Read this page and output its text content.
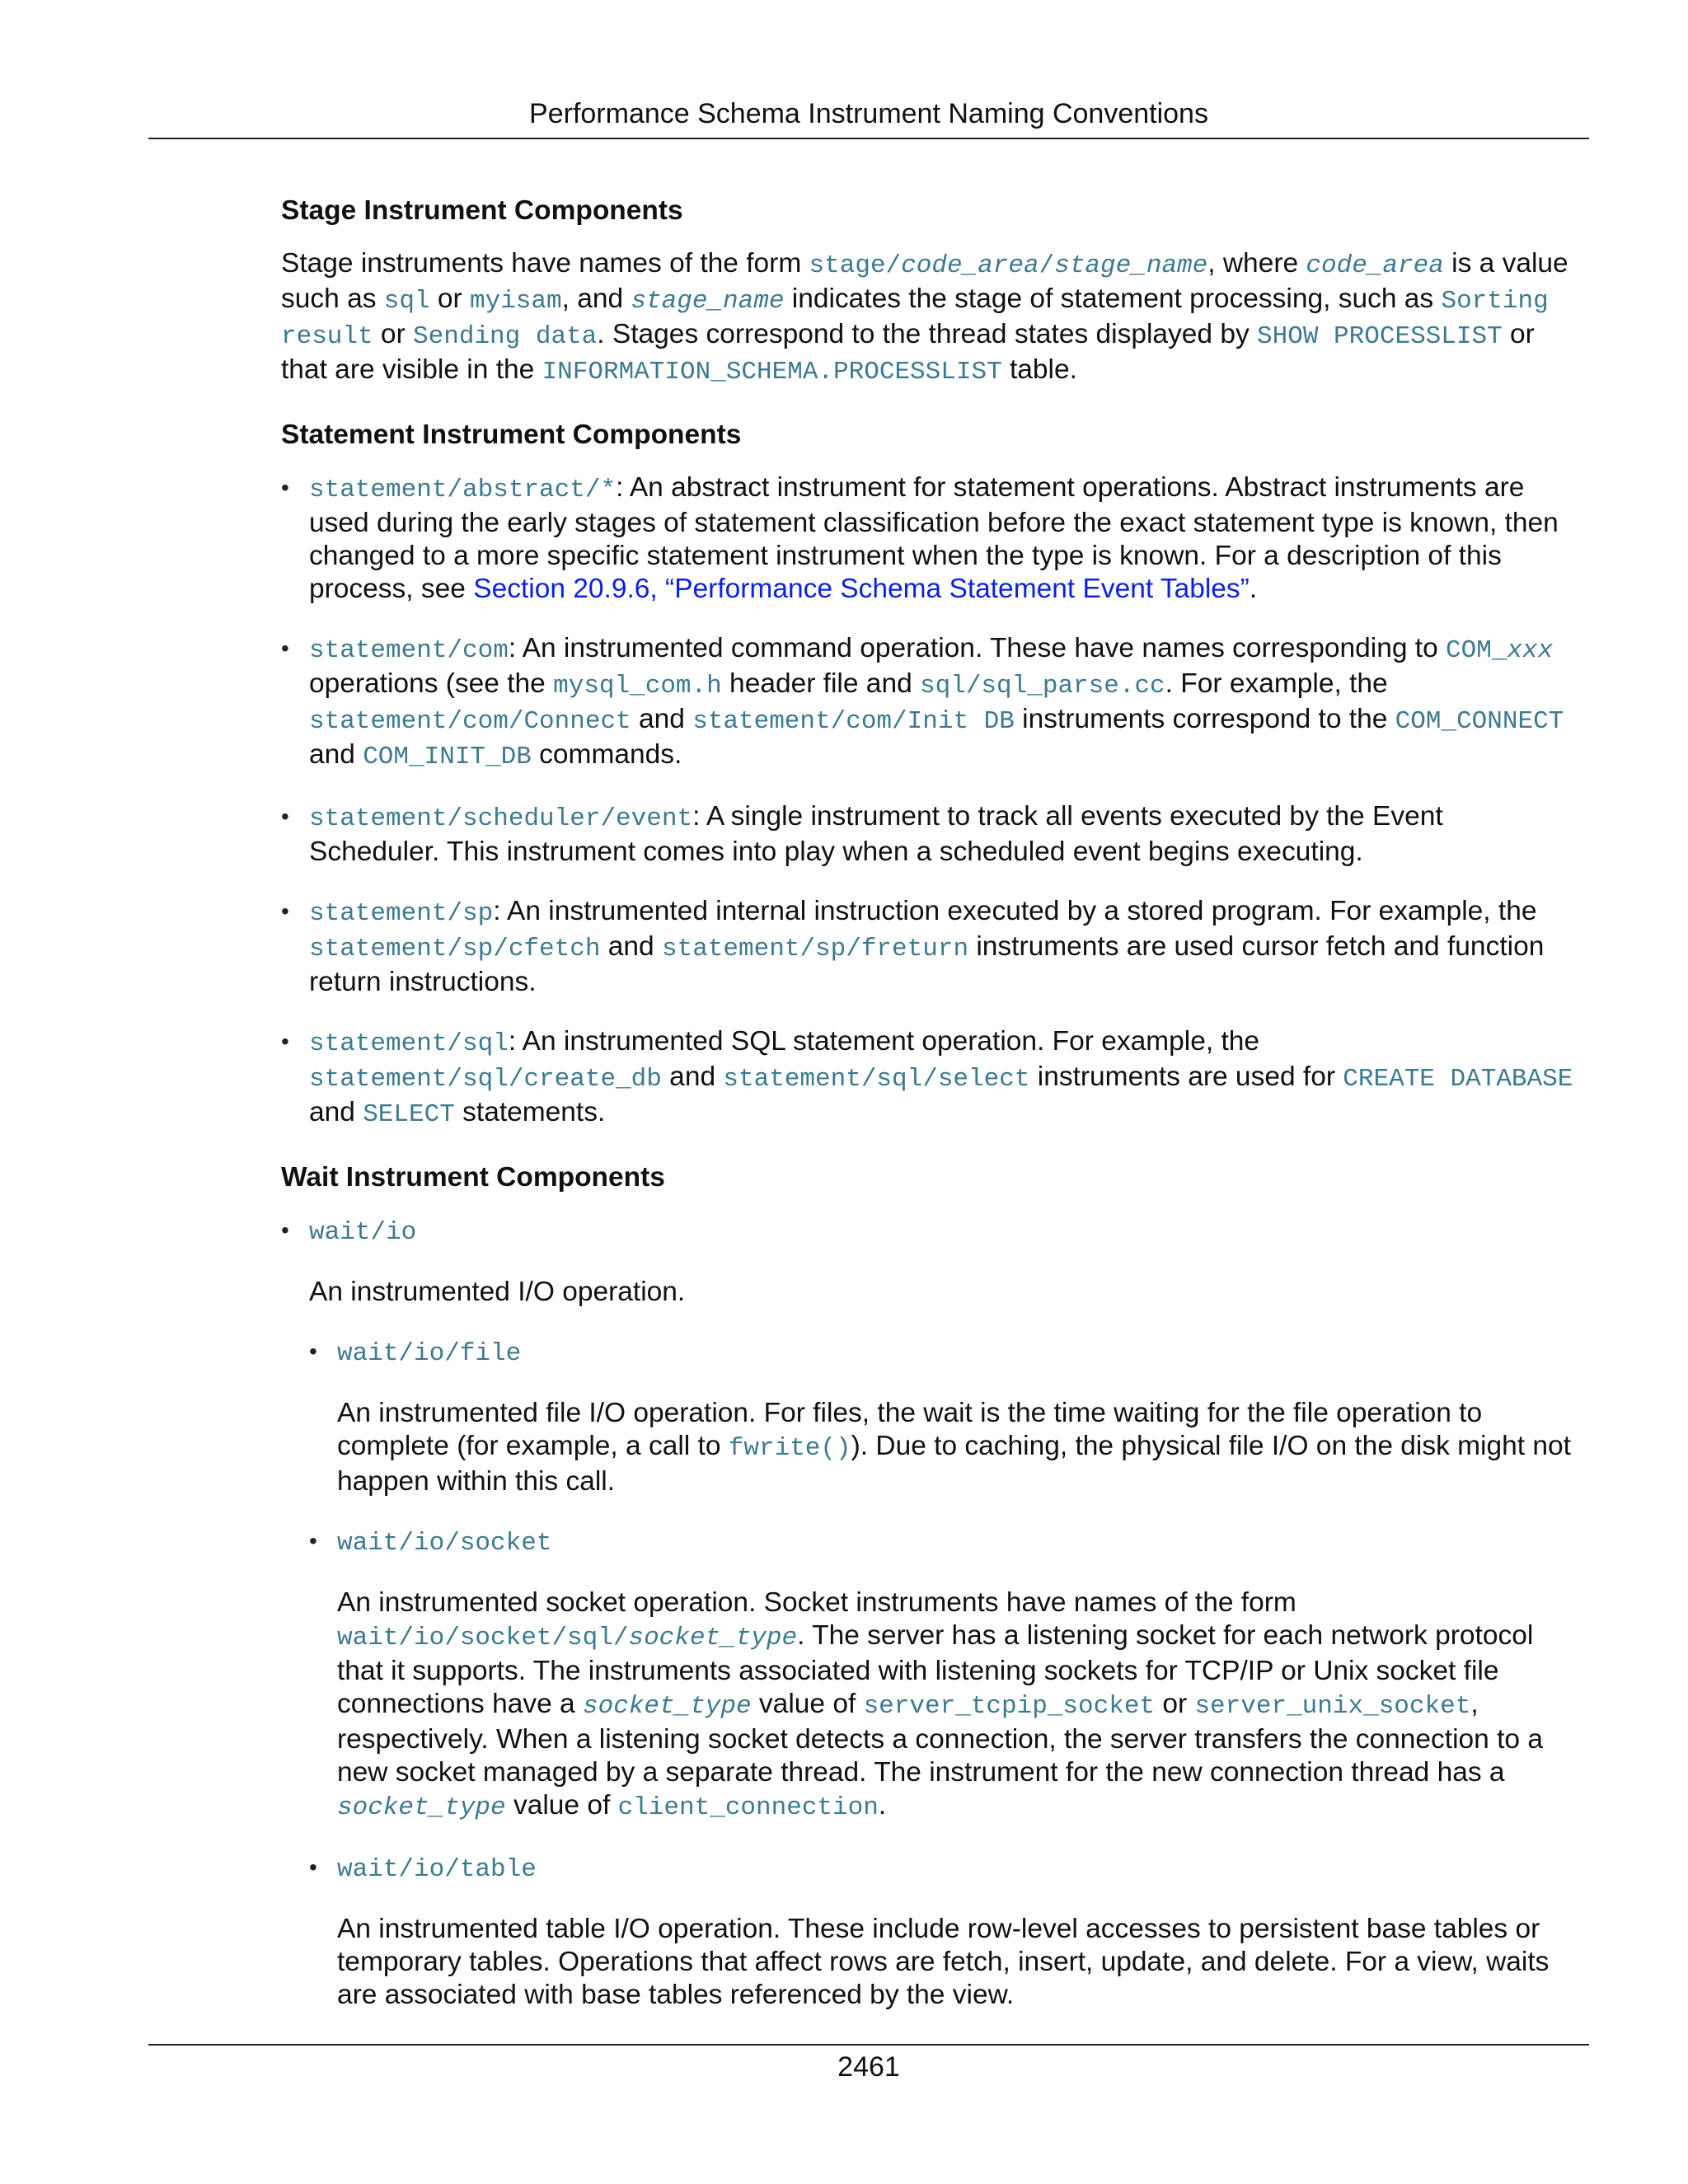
Performance Schema Instrument Naming Conventions
Stage Instrument Components

Stage instruments have names of the form stage/code_area/stage_name, where code_area is a value such as sql or myisam, and stage_name indicates the stage of statement processing, such as Sorting result or Sending data. Stages correspond to the thread states displayed by SHOW PROCESSLIST or that are visible in the INFORMATION_SCHEMA.PROCESSLIST table.

Statement Instrument Components
• statement/abstract/*: An abstract instrument for statement operations. Abstract instruments are used during the early stages of statement classification before the exact statement type is known, then changed to a more specific statement instrument when the type is known. For a description of this process, see Section 20.9.6, “Performance Schema Statement Event Tables”.
• statement/com: An instrumented command operation. These have names corresponding to COM_xxx operations (see the mysql_com.h header file and sql/sql_parse.cc. For example, the statement/com/Connect and statement/com/Init DB instruments correspond to the COM_CONNECT and COM_INIT_DB commands.
• statement/scheduler/event: A single instrument to track all events executed by the Event Scheduler. This instrument comes into play when a scheduled event begins executing.
• statement/sp: An instrumented internal instruction executed by a stored program. For example, the statement/sp/cfetch and statement/sp/freturn instruments are used cursor fetch and function return instructions.
• statement/sql: An instrumented SQL statement operation. For example, the statement/sql/create_db and statement/sql/select instruments are used for CREATE DATABASE and SELECT statements.
Wait Instrument Components
• wait/io

An instrumented I/O operation.

• wait/io/file

An instrumented file I/O operation. For files, the wait is the time waiting for the file operation to complete (for example, a call to fwrite()). Due to caching, the physical file I/O on the disk might not happen within this call.

• wait/io/socket

An instrumented socket operation. Socket instruments have names of the form wait/io/socket/sql/socket_type. The server has a listening socket for each network protocol that it supports. The instruments associated with listening sockets for TCP/IP or Unix socket file connections have a socket_type value of server_tcpip_socket or server_unix_socket, respectively. When a listening socket detects a connection, the server transfers the connection to a new socket managed by a separate thread. The instrument for the new connection thread has a socket_type value of client_connection.

• wait/io/table

An instrumented table I/O operation. These include row-level accesses to persistent base tables or temporary tables. Operations that affect rows are fetch, insert, update, and delete. For a view, waits are associated with base tables referenced by the view.

2461
